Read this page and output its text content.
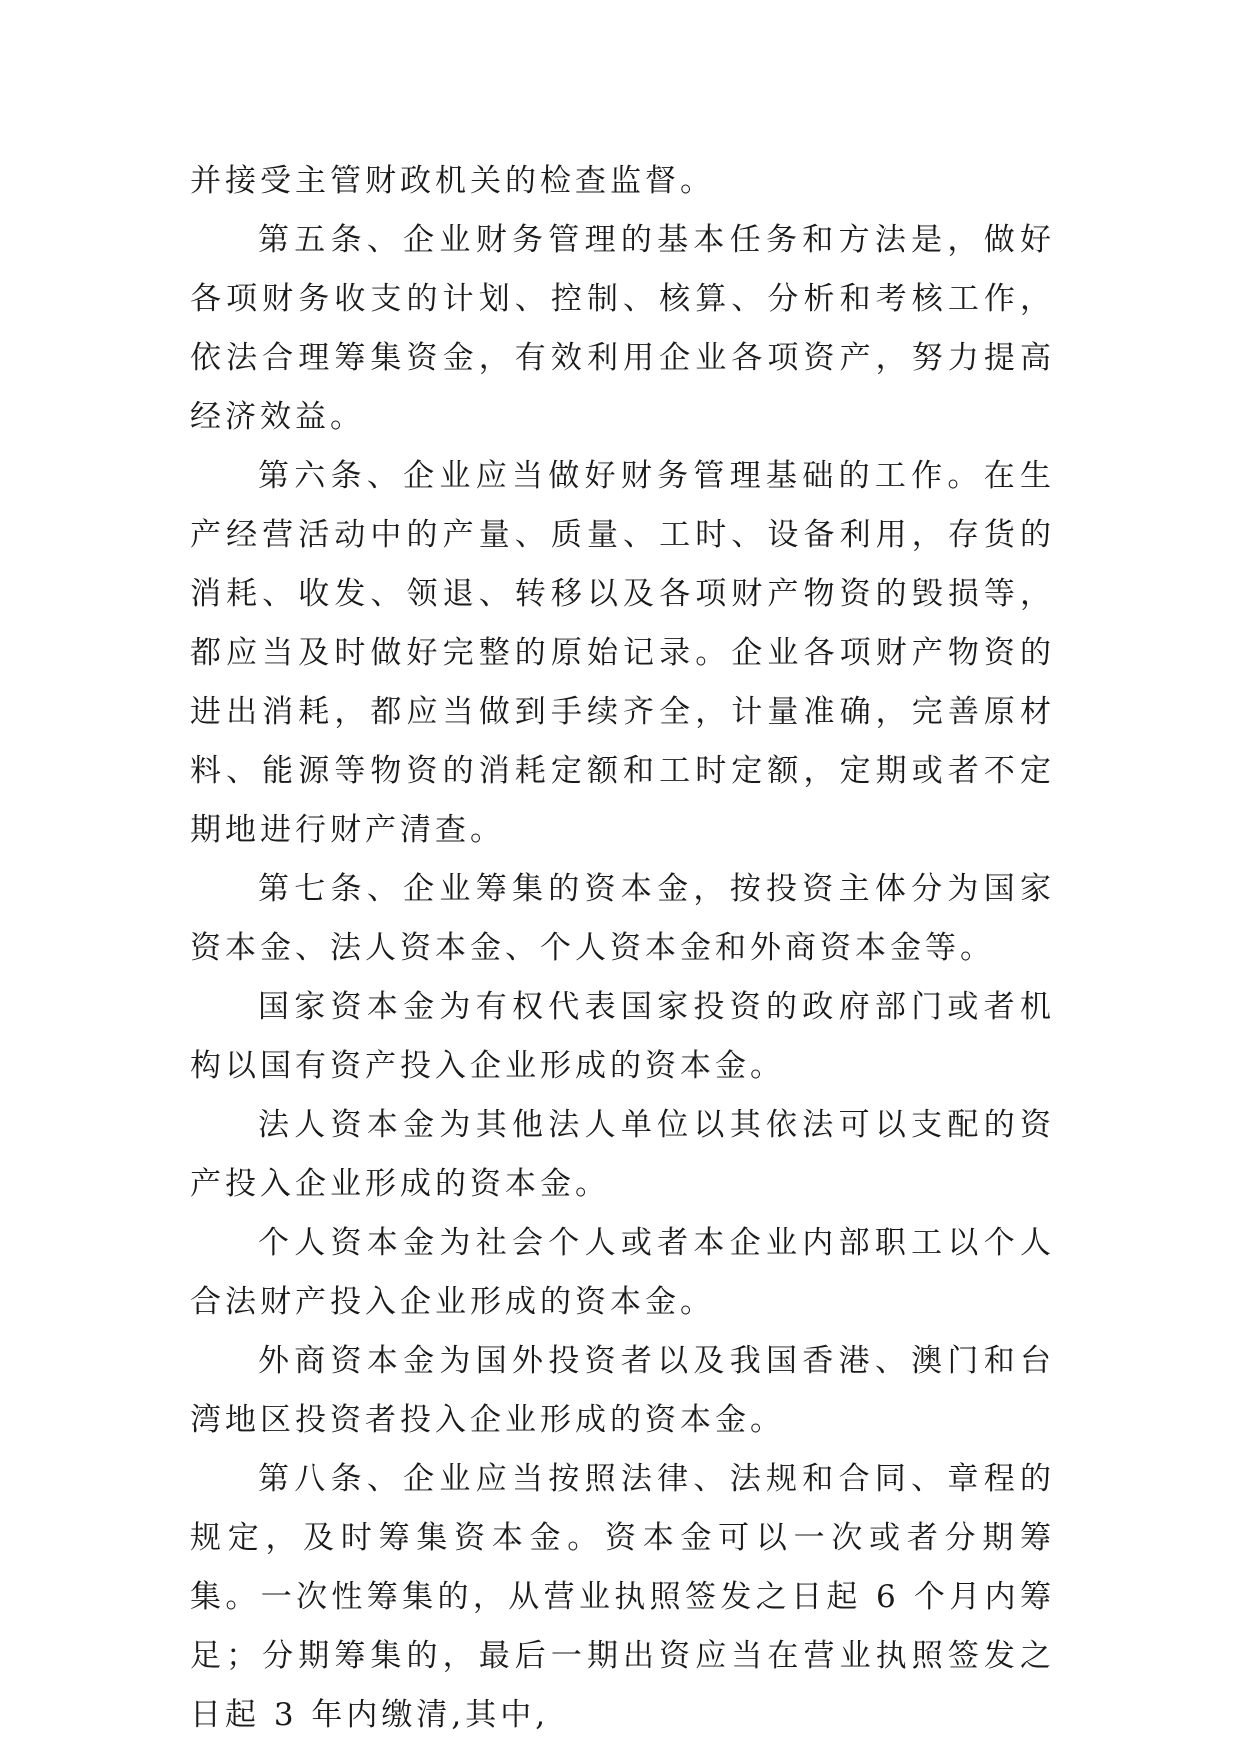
并接受主管财政机关的检查监督。

第五条、企业财务管理的基本任务和方法是，做好各项财务收支的计划、控制、核算、分析和考核工作，依法合理筹集资金，有效利用企业各项资产，努力提高经济效益。

第六条、企业应当做好财务管理基础的工作。在生产经营活动中的产量、质量、工时、设备利用，存货的消耗、收发、领退、转移以及各项财产物资的毁损等，都应当及时做好完整的原始记录。企业各项财产物资的进出消耗，都应当做到手续齐全，计量准确，完善原材料、能源等物资的消耗定额和工时定额，定期或者不定期地进行财产清查。

第七条、企业筹集的资本金，按投资主体分为国家资本金、法人资本金、个人资本金和外商资本金等。

国家资本金为有权代表国家投资的政府部门或者机构以国有资产投入企业形成的资本金。

法人资本金为其他法人单位以其依法可以支配的资产投入企业形成的资本金。

个人资本金为社会个人或者本企业内部职工以个人合法财产投入企业形成的资本金。

外商资本金为国外投资者以及我国香港、澳门和台湾地区投资者投入企业形成的资本金。

第八条、企业应当按照法律、法规和合同、章程的规定，及时筹集资本金。资本金可以一次或者分期筹集。一次性筹集的，从营业执照签发之日起 6 个月内筹足；分期筹集的，最后一期出资应当在营业执照签发之日起 3 年内缴清,其中,
